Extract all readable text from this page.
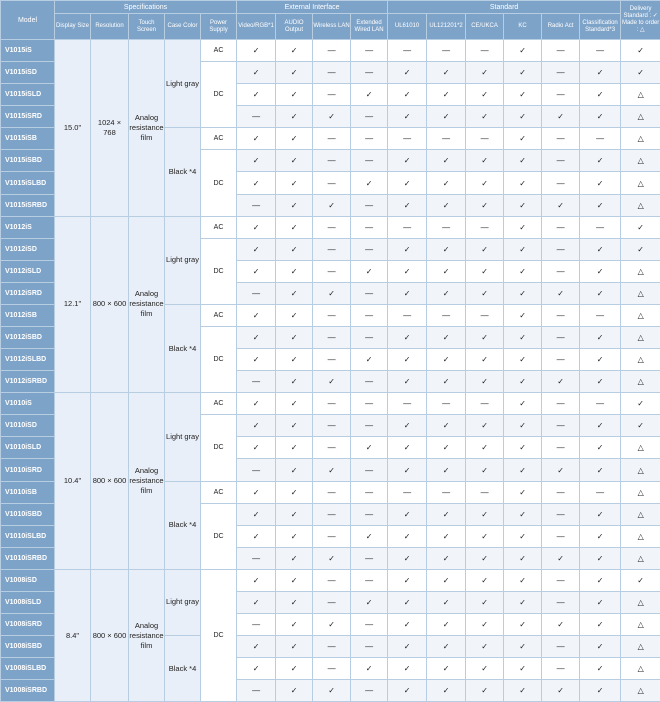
Model	Specifications					External Interface				Standard						Delivery Standard : ✓ Made to order : △
	Display Size	Resolution	Touch Screen	Case Color	Power Supply	Video/RGB*1	AUDIO Output	Wireless LAN	Extended Wired LAN	UL61010	UL121201*2	CE/UKCA	KC	Radio Act	Classification Standard*3	
V1015iS	15.0"	1024 × 768	Analog resistance film	Light gray	AC	✓	✓	—	—	—	—	—	✓	—	—	✓
V1015iSD					DC	✓	✓	—	—	✓	✓	✓	✓	—	✓	✓
V1015iSLD						✓	✓	—	✓	✓	✓	✓	✓	—	✓	△
V1015iSRD						—	✓	✓	—	✓	✓	✓	✓	✓	✓	△
V1015iSB				Black *4	AC	✓	✓	—	—	—	—	—	✓	—	—	△
V1015iSBD					DC	✓	✓	—	—	✓	✓	✓	✓	—	✓	△
V1015iSLBD						✓	✓	—	✓	✓	✓	✓	✓	—	✓	△
V1015iSRBD						—	✓	✓	—	✓	✓	✓	✓	✓	✓	△
V1012iS	12.1"	800 × 600	Analog resistance film	Light gray	AC	✓	✓	—	—	—	—	—	✓	—	—	✓
V1012iSD					DC	✓	✓	—	—	✓	✓	✓	✓	—	✓	✓
V1012iSLD						✓	✓	—	✓	✓	✓	✓	✓	—	✓	△
V1012iSRD						—	✓	✓	—	✓	✓	✓	✓	✓	✓	△
V1012iSB				Black *4	AC	✓	✓	—	—	—	—	—	✓	—	—	△
V1012iSBD					DC	✓	✓	—	—	✓	✓	✓	✓	—	✓	△
V1012iSLBD						✓	✓	—	✓	✓	✓	✓	✓	—	✓	△
V1012iSRBD						—	✓	✓	—	✓	✓	✓	✓	✓	✓	△
V1010iS	10.4"	800 × 600	Analog resistance film	Light gray	AC	✓	✓	—	—	—	—	—	✓	—	—	✓
V1010iSD					DC	✓	✓	—	—	✓	✓	✓	✓	—	✓	✓
V1010iSLD						✓	✓	—	✓	✓	✓	✓	✓	—	✓	△
V1010iSRD						—	✓	✓	—	✓	✓	✓	✓	✓	✓	△
V1010iSB				Black *4	AC	✓	✓	—	—	—	—	—	✓	—	—	△
V1010iSBD					DC	✓	✓	—	—	✓	✓	✓	✓	—	✓	△
V1010iSLBD						✓	✓	—	✓	✓	✓	✓	✓	—	✓	△
V1010iSRBD						—	✓	✓	—	✓	✓	✓	✓	✓	✓	△
V1008iSD	8.4"	800 × 600	Analog resistance film	Light gray	DC	✓	✓	—	—	✓	✓	✓	✓	—	✓	✓
V1008iSLD						✓	✓	—	✓	✓	✓	✓	✓	—	✓	△
V1008iSRD						—	✓	✓	—	✓	✓	✓	✓	✓	✓	△
V1008iSBD				Black *4		✓	✓	—	—	✓	✓	✓	✓	—	✓	△
V1008iSLBD						✓	✓	—	✓	✓	✓	✓	✓	—	✓	△
V1008iSRBD						—	✓	✓	—	✓	✓	✓	✓	✓	✓	△
